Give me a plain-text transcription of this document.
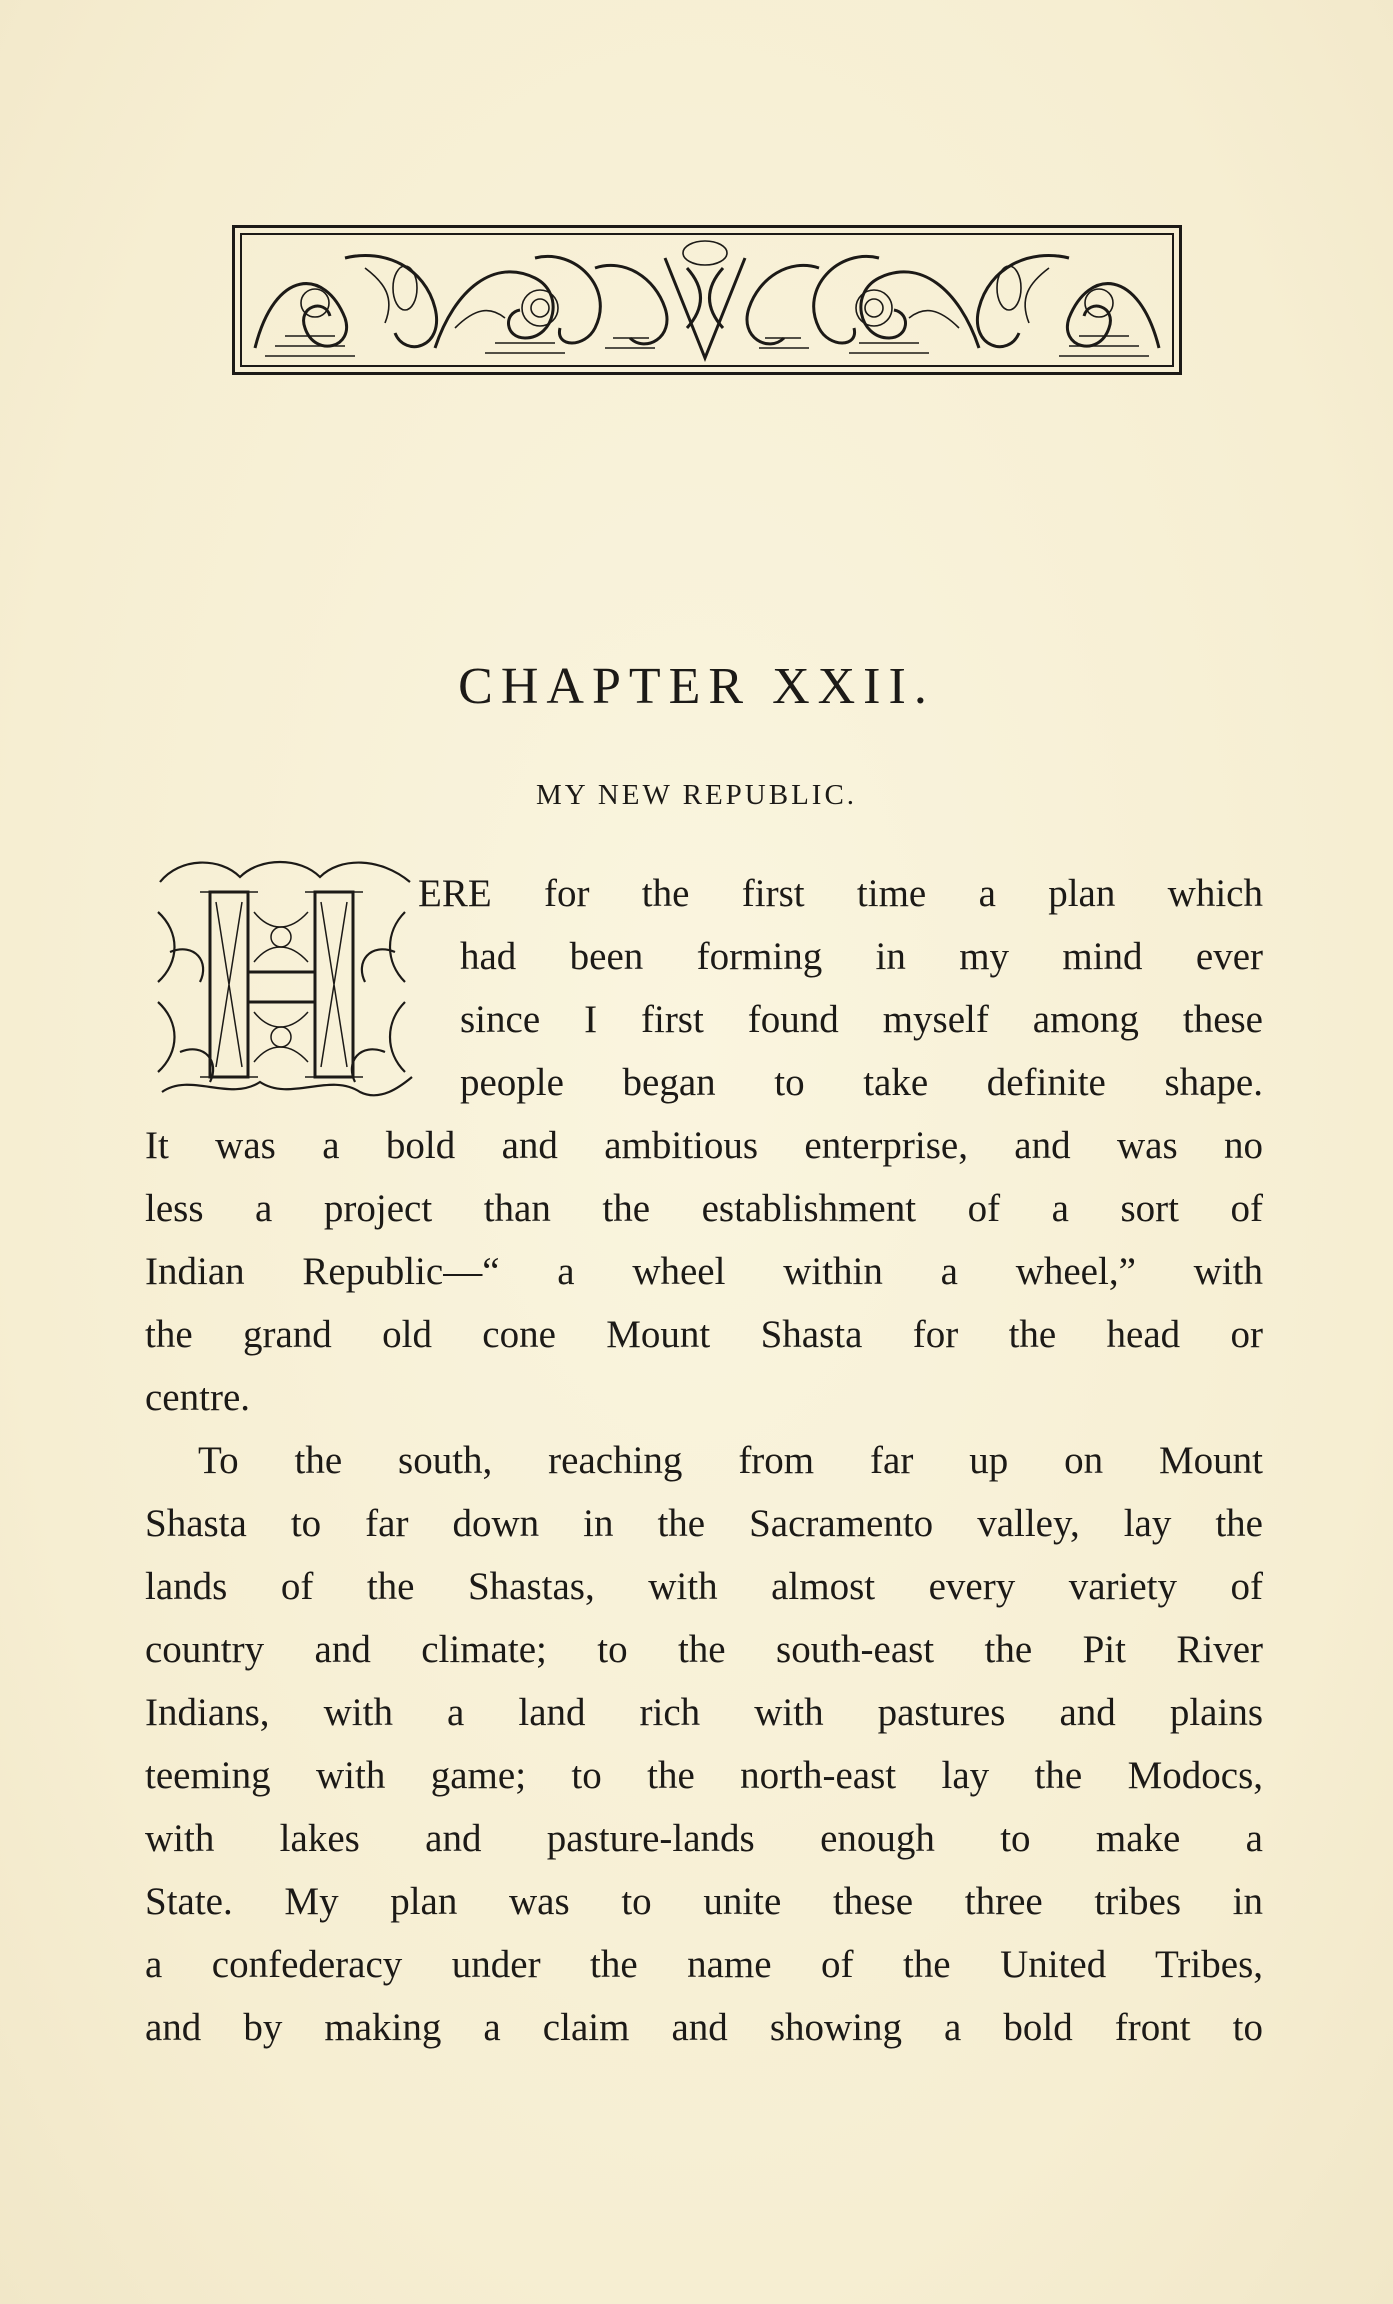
CHAPTER XXII.

MY NEW REPUBLIC.

ERE for the first time a plan which
had been forming in my mind ever
since I first found myself among these
people began to take definite shape.
It was a bold and ambitious enterprise, and was no
less a project than the establishment of a sort of
Indian Republic—“ a wheel within a wheel,” with
the grand old cone Mount Shasta for the head or
centre.
To the south, reaching from far up on Mount
Shasta to far down in the Sacramento valley, lay the
lands of the Shastas, with almost every variety of
country and climate; to the south-east the Pit River
Indians, with a land rich with pastures and plains
teeming with game; to the north-east lay the Modocs,
with lakes and pasture-lands enough to make a
State. My plan was to unite these three tribes in
a confederacy under the name of the United Tribes,
and by making a claim and showing a bold front to
